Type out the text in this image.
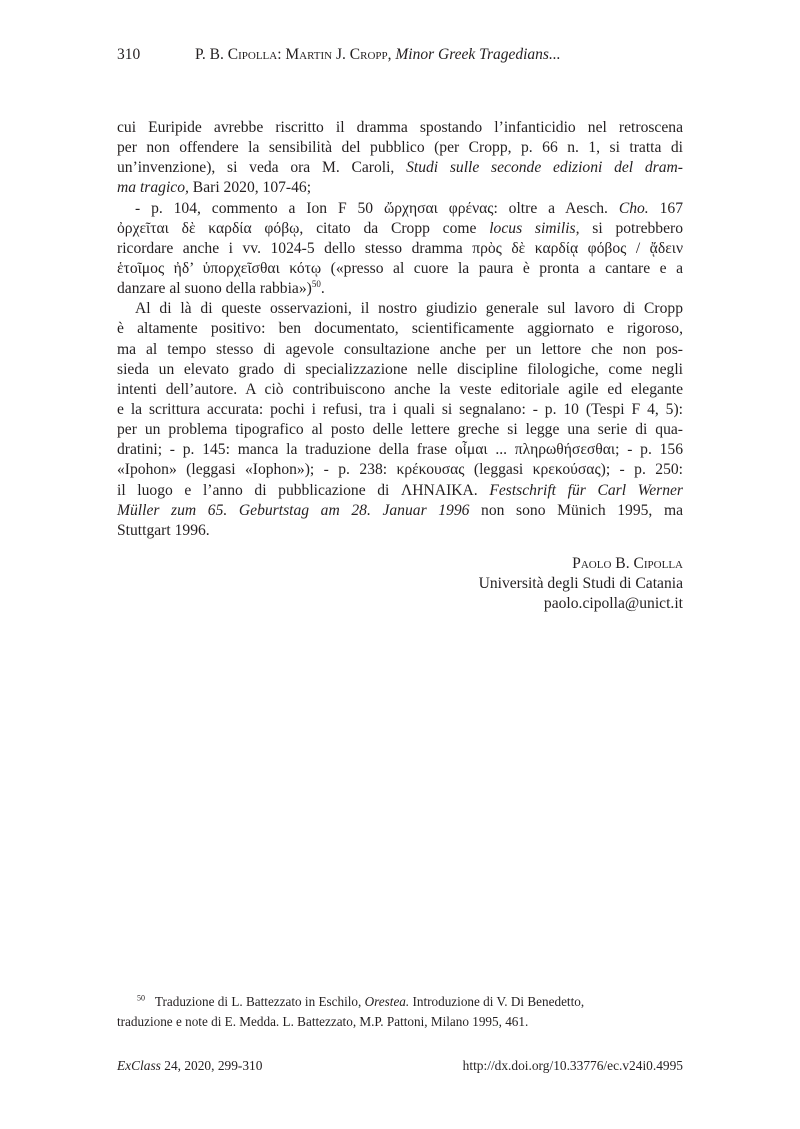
310	P. B. Cipolla: Martin J. Cropp, Minor Greek Tragedians...
cui Euripide avrebbe riscritto il dramma spostando l’infanticidio nel retroscena
per non offendere la sensibilità del pubblico (per Cropp, p. 66 n. 1, si tratta di
un’invenzione), si veda ora M. Caroli, Studi sulle seconde edizioni del dram-
ma tragico, Bari 2020, 107-46;
- p. 104, commento a Ion F 50 ὤρχησαι φρένας: oltre a Aesch. Cho. 167
ὀρχεῖται δὲ καρδία φόβῳ, citato da Cropp come locus similis, si potrebbero
ricordare anche i vv. 1024-5 dello stesso dramma πρὸς δὲ καρδίᾳ φόβος / ᾄδειν
ἑτοῖμος ἠδ’ ὑπορχεῖσθαι κότῳ («presso al cuore la paura è pronta a cantare e a
danzare al suono della rabbia»)$^{50}$.
Al di là di queste osservazioni, il nostro giudizio generale sul lavoro di Cropp
è altamente positivo: ben documentato, scientificamente aggiornato e rigoroso,
ma al tempo stesso di agevole consultazione anche per un lettore che non pos-
sieda un elevato grado di specializzazione nelle discipline filologiche, come negli
intenti dell’autore. A ciò contribuiscono anche la veste editoriale agile ed elegante
e la scrittura accurata: pochi i refusi, tra i quali si segnalano: - p. 10 (Tespi F 4, 5):
per un problema tipografico al posto delle lettere greche si legge una serie di qua-
dratini; - p. 145: manca la traduzione della frase οἶμαι ... πληρωθήσεσθαι; - p. 156
«Ipohon» (leggasi «Iophon»); - p. 238: κρέκουσας (leggasi κρεκούσας); - p. 250:
il luogo e l’anno di pubblicazione di ΛΗΝΑΙΚΑ. Festschrift für Carl Werner
Müller zum 65. Geburtstag am 28. Januar 1996 non sono Münich 1995, ma
Stuttgart 1996.
Paolo B. Cipolla
Università degli Studi di Catania
paolo.cipolla@unict.it
$^{50}$ Traduzione di L. Battezzato in Eschilo, Orestea. Introduzione di V. Di Benedetto,
traduzione e note di E. Medda. L. Battezzato, M.P. Pattoni, Milano 1995, 461.
ExClass 24, 2020, 299-310	http://dx.doi.org/10.33776/ec.v24i0.4995
